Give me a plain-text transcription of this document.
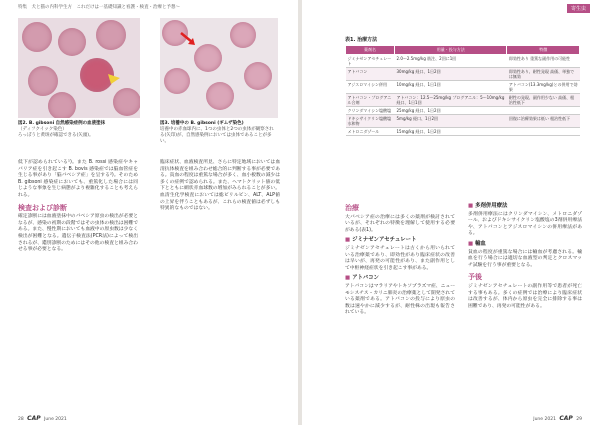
特集　犬と猫の内科学生方　これだけは一基礎知識と看護・検査・治療と予想〜	寄生虫
図2. B. gibsoni 自然感染症例の血液塗抹
（ディフクイック染色）
ろっぽうと黄斑が確認できる(矢頭)。
図3. 培養中の B. gibsoni (ギムザ染色)
培養中の赤血球内に、1つの虫体と2つの虫体が観察される(矢印)が、自然感染例においては虫体であることが多い。
表1. 治療方法
薬剤名	用量・投与方法	特徴
ジミナゼンアセチュレート	2.0〜2.5mg/kg 筋注、2回に1回	即効性あり 重篤な副作用の可能性
アトバコン	30mg/kg 経口、1日2回	即効性あり、耐性発現 高価、単独では無効
アジスロマイシン併用	10mg/kg 経口、1日1回	アトバコン(13.3mg/kg)との併用で効果
アトバコン・プログアニル合剤	アトバコン：12.5〜25mg/kg プログアニル：5〜10mg/kg 経口、1日1回	耐性の発現、副作用少ない 高価、根治性低下
クリンダマイシン塩酸塩	25mg/kg 経口、1日2回	
ドキシサイクリン塩酸塩水和物	5mg/kg 経口、1日2回	回復に治療効果は低い 根治性低下
メトロニダゾール	15mg/kg 経口、1日2回	

低下が認められている¹)。また B. rossi 感染症やキャバリア症を引き起こす B. bovis 感染症では脳血管症を生じる事があり「脳バベシア症」を呈する²)。そのため B. gibsoni 感染症においても、重篤化した場合には同じような事象を生じ病態がより複雑化することも考えられる。

検査および診断

確定診断には血液塗抹中のバベシア原虫の検出が必要となるが、感染の初期の段階ではその虫体の検出は困難である。また、慢性期においても血液中の原虫数は少なく検出が困難となる。遺伝子検査法(PCR法)によって検出されるが、鑑別診断のためにはその他の検査と組み合わせる事が必要となる。

臨床症状、血液検査所見、さらに特定地域においては血清抗体検査を組み合わせ総合的に判断する事が必要である。貧血の程度は重篤な場合が多く、血小板数の減少は多くの症例で認められる。また、ヘマトクリット値の低下とともに網状赤血球数の増加がみられることが多い。血清生化学検査においては総ビリルビン、ALT、ALP値の上昇を伴うこともあるが、これらの検査値は必ずしも特異的なものではない。	治療

大バベシア症の治療には多くの薬剤が検討されているが、それぞれの特徴を理解して使用する必要がある(表1)。

■ ジミナゼンアセチュレート

ジミナゼンアセチュレートは古くから用いられている治療薬であり、即効性があり臨床症状の改善は早いが、再発の可能性があり、また副作用として中枢神経症状を引き起こす事がある。

■ アトバコン

アトバコンはマラリアやトキソプラズマ症、ニューモシスチス・カリニ肺炎の治療薬として開発されている薬剤である。アトバコンの投与により原虫の数は速やかに減少するが、耐性株の出現も報告されている。

■ 多剤併用療法

多剤併用療法にはクリンダマイシン、メトロニダゾール、およびドキシサイクリン塩酸塩の3剤併用療法や、アトバコンとアジスロマイシンの併用療法がある。

■ 輸血

貧血の程度が重篤な場合には輸血が考慮される。輸血を行う場合には適切な血液型の判定とクロスマッチ試験を行う事が重要となる。

予後

ジミナゼンアセチュレートの副作用等で患者が死亡する事もある。多くの症例では治療により臨床症状は改善するが、体内から原虫を完全に排除する事は困難であり、再発の可能性がある。

28 CAP June 2021	June 2021 CAP 29
